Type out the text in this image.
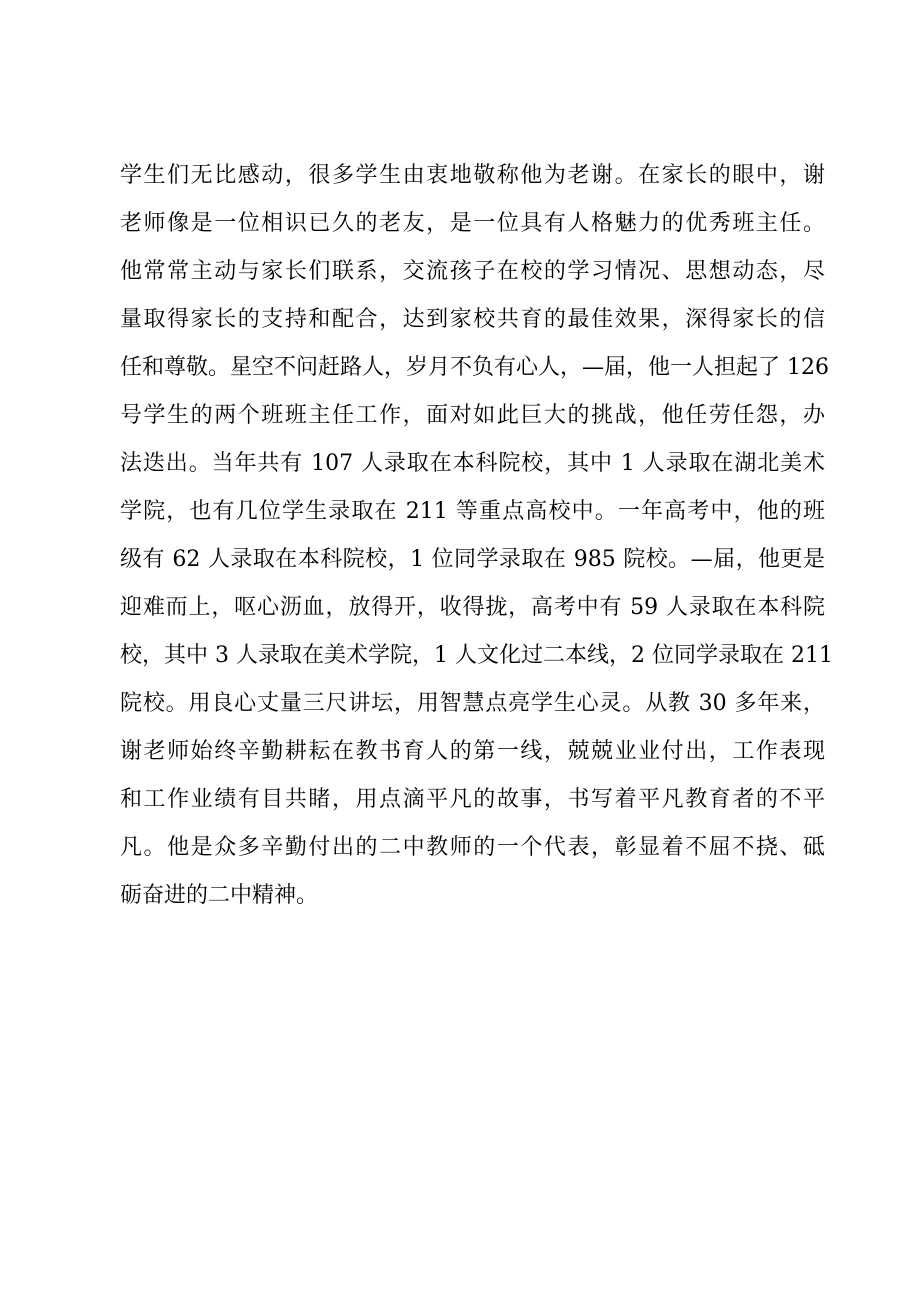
学生们无比感动，很多学生由衷地敬称他为老谢。在家长的眼中，谢
老师像是一位相识已久的老友，是一位具有人格魅力的优秀班主任。
他常常主动与家长们联系，交流孩子在校的学习情况、思想动态，尽
量取得家长的支持和配合，达到家校共育的最佳效果，深得家长的信
任和尊敬。星空不问赶路人，岁月不负有心人，—届，他一人担起了 126
号学生的两个班班主任工作，面对如此巨大的挑战，他任劳任怨，办
法迭出。当年共有 107 人录取在本科院校，其中 1 人录取在湖北美术
学院，也有几位学生录取在 211 等重点高校中。一年高考中，他的班
级有 62 人录取在本科院校，1 位同学录取在 985 院校。—届，他更是
迎难而上，呕心沥血，放得开，收得拢，高考中有 59 人录取在本科院
校，其中 3 人录取在美术学院，1 人文化过二本线，2 位同学录取在 211
院校。用良心丈量三尺讲坛，用智慧点亮学生心灵。从教 30 多年来，
谢老师始终辛勤耕耘在教书育人的第一线，兢兢业业付出，工作表现
和工作业绩有目共睹，用点滴平凡的故事，书写着平凡教育者的不平
凡。他是众多辛勤付出的二中教师的一个代表，彰显着不屈不挠、砥
砺奋进的二中精神。
